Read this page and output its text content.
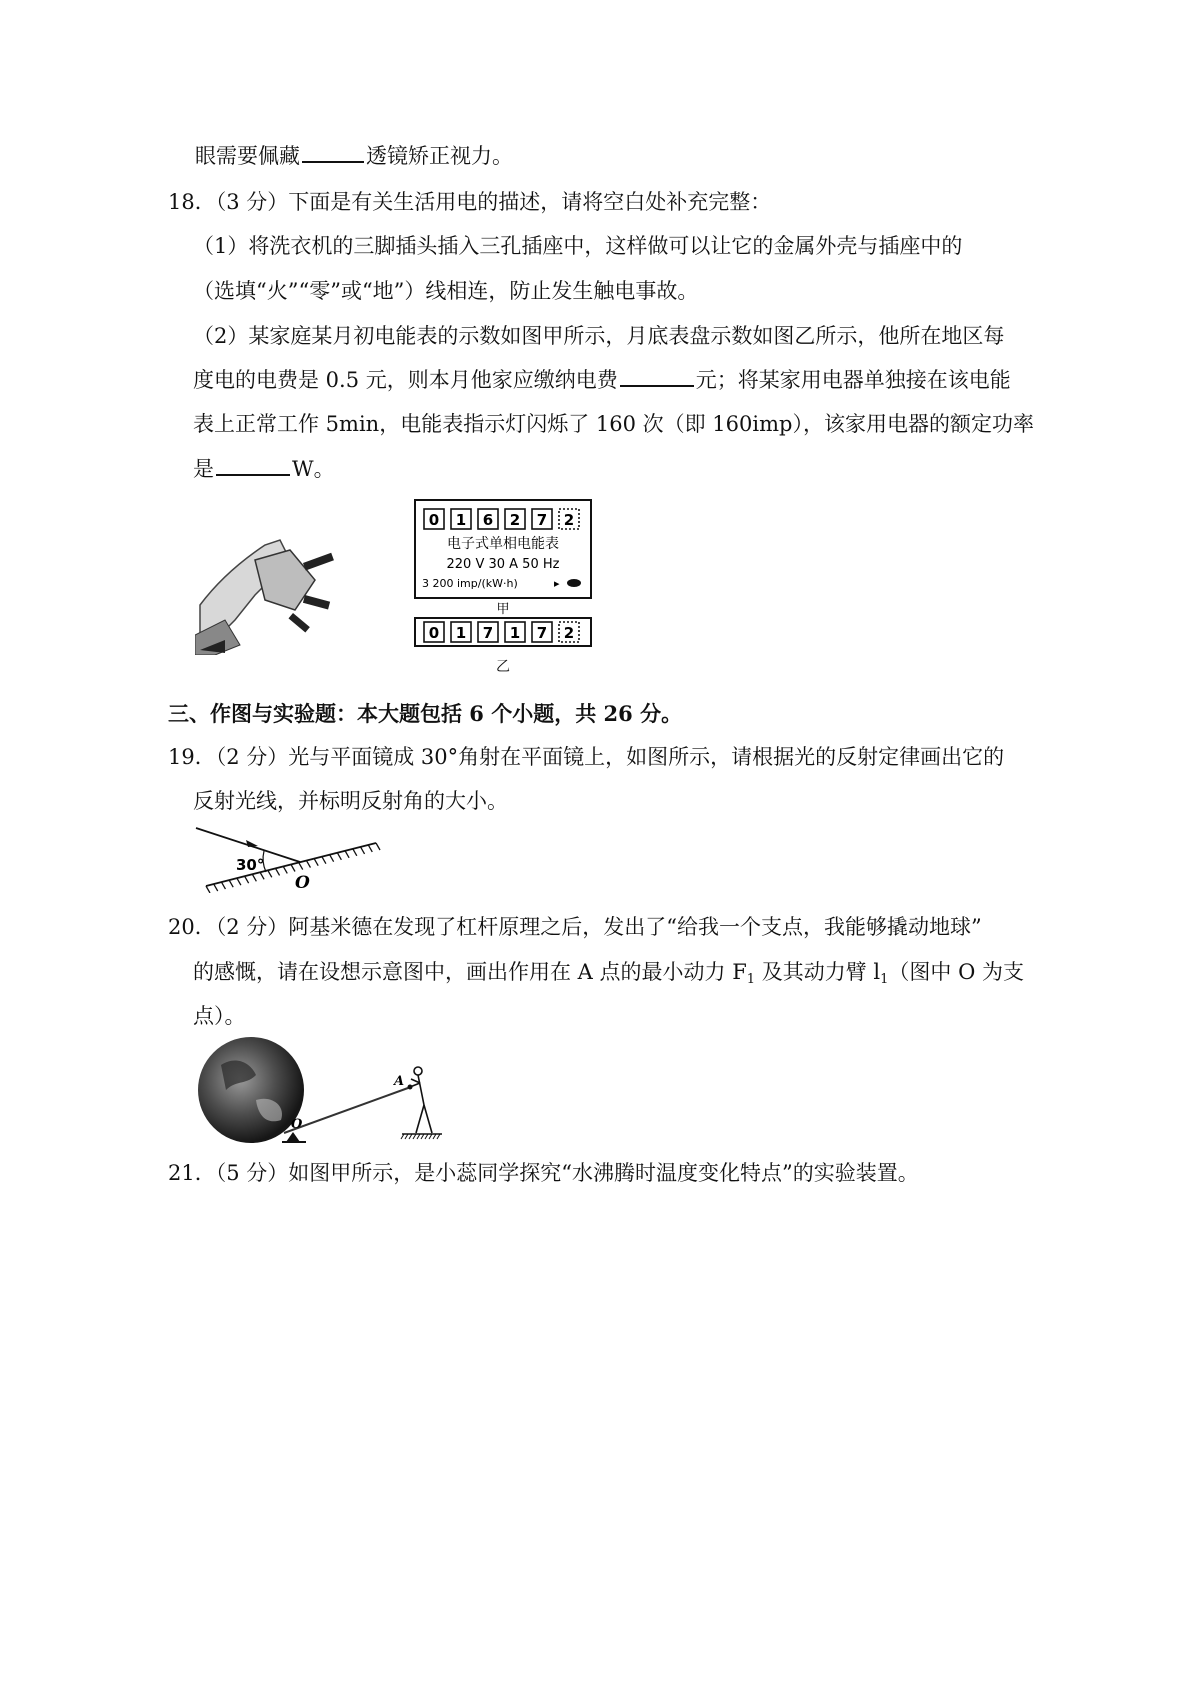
眼需要佩藏	透镜矫正视力。
18．（3 分）下面是有关生活用电的描述，请将空白处补充完整：
（1）将洗衣机的三脚插头插入三孔插座中，这样做可以让它的金属外壳与插座中的
（选填“火”“零”或“地”）线相连，防止发生触电事故。
（2）某家庭某月初电能表的示数如图甲所示，月底表盘示数如图乙所示，他所在地区每
度电的电费是 0.5 元，则本月他家应缴纳电费	元；将某家用电器单独接在该电能
表上正常工作 5min，电能表指示灯闪烁了 160 次（即 160imp），该家用电器的额定功率
是	W。
0 1 6 2 7 2
电子式单相电能表
220 V 30 A 50 Hz
3 200 imp/(kW·h)	▸
甲
0 1 7 1 7 2
乙
三、作图与实验题：本大题包括 6 个小题，共 26 分。
19．（2 分）光与平面镜成 30°角射在平面镜上，如图所示，请根据光的反射定律画出它的
反射光线，并标明反射角的大小。
30°
O
20．（2 分）阿基米德在发现了杠杆原理之后，发出了“给我一个支点，我能够撬动地球”
的感慨，请在设想示意图中，画出作用在 A 点的最小动力 $F_1$ 及其动力臂 $l_1$（图中 O 为支
点）。
O
A
21．（5 分）如图甲所示，是小蕊同学探究“水沸腾时温度变化特点”的实验装置。
